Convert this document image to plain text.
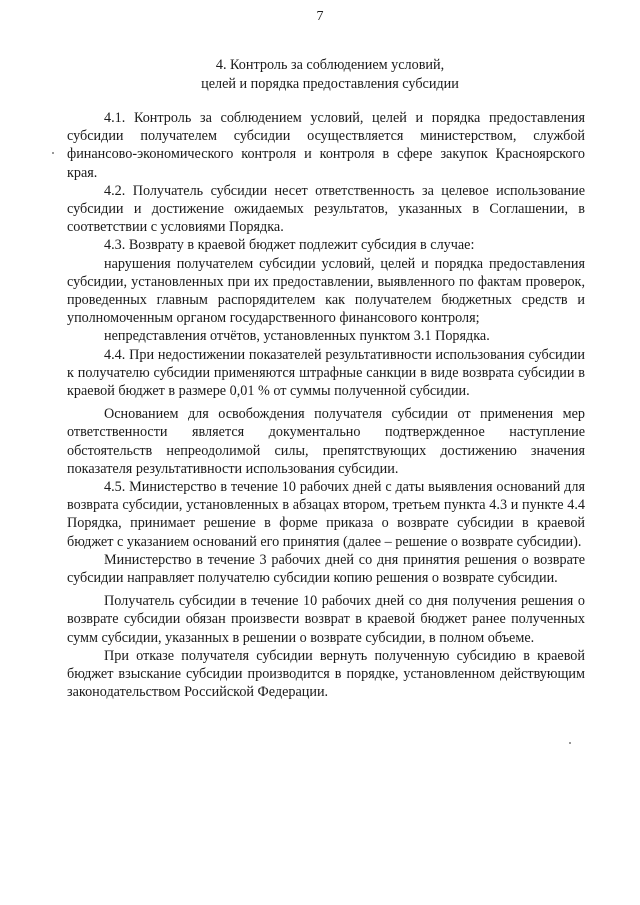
7
4. Контроль за соблюдением условий,
целей и порядка предоставления субсидии

4.1. Контроль за соблюдением условий, целей и порядка предоставления субсидии получателем субсидии осуществляется министерством, службой финансово-экономического контроля и контроля в сфере закупок Красноярского края.

4.2. Получатель субсидии несет ответственность за целевое использование субсидии и достижение ожидаемых результатов, указанных в Соглашении, в соответствии с условиями Порядка.

4.3. Возврату в краевой бюджет подлежит субсидия в случае:

нарушения получателем субсидии условий, целей и порядка предоставления субсидии, установленных при их предоставлении, выявленного по фактам проверок, проведенных главным распорядителем как получателем бюджетных средств и уполномоченным органом государственного финансового контроля;

непредставления отчётов, установленных пунктом 3.1 Порядка.

4.4. При недостижении показателей результативности использования субсидии к получателю субсидии применяются штрафные санкции в виде возврата субсидии в краевой бюджет в размере 0,01 % от суммы полученной субсидии.

Основанием для освобождения получателя субсидии от применения мер ответственности является документально подтвержденное наступление обстоятельств непреодолимой силы, препятствующих достижению значения показателя результативности использования субсидии.

4.5. Министерство в течение 10 рабочих дней с даты выявления оснований для возврата субсидии, установленных в абзацах втором, третьем пункта 4.3 и пункте 4.4 Порядка, принимает решение в форме приказа о возврате субсидии в краевой бюджет с указанием оснований его принятия (далее – решение о возврате субсидии).

Министерство в течение 3 рабочих дней со дня принятия решения о возврате субсидии направляет получателю субсидии копию решения о возврате субсидии.

Получатель субсидии в течение 10 рабочих дней со дня получения решения о возврате субсидии обязан произвести возврат в краевой бюджет ранее полученных сумм субсидии, указанных в решении о возврате субсидии, в полном объеме.

При отказе получателя субсидии вернуть полученную субсидию в краевой бюджет взыскание субсидии производится в порядке, установленном действующим законодательством Российской Федерации.
